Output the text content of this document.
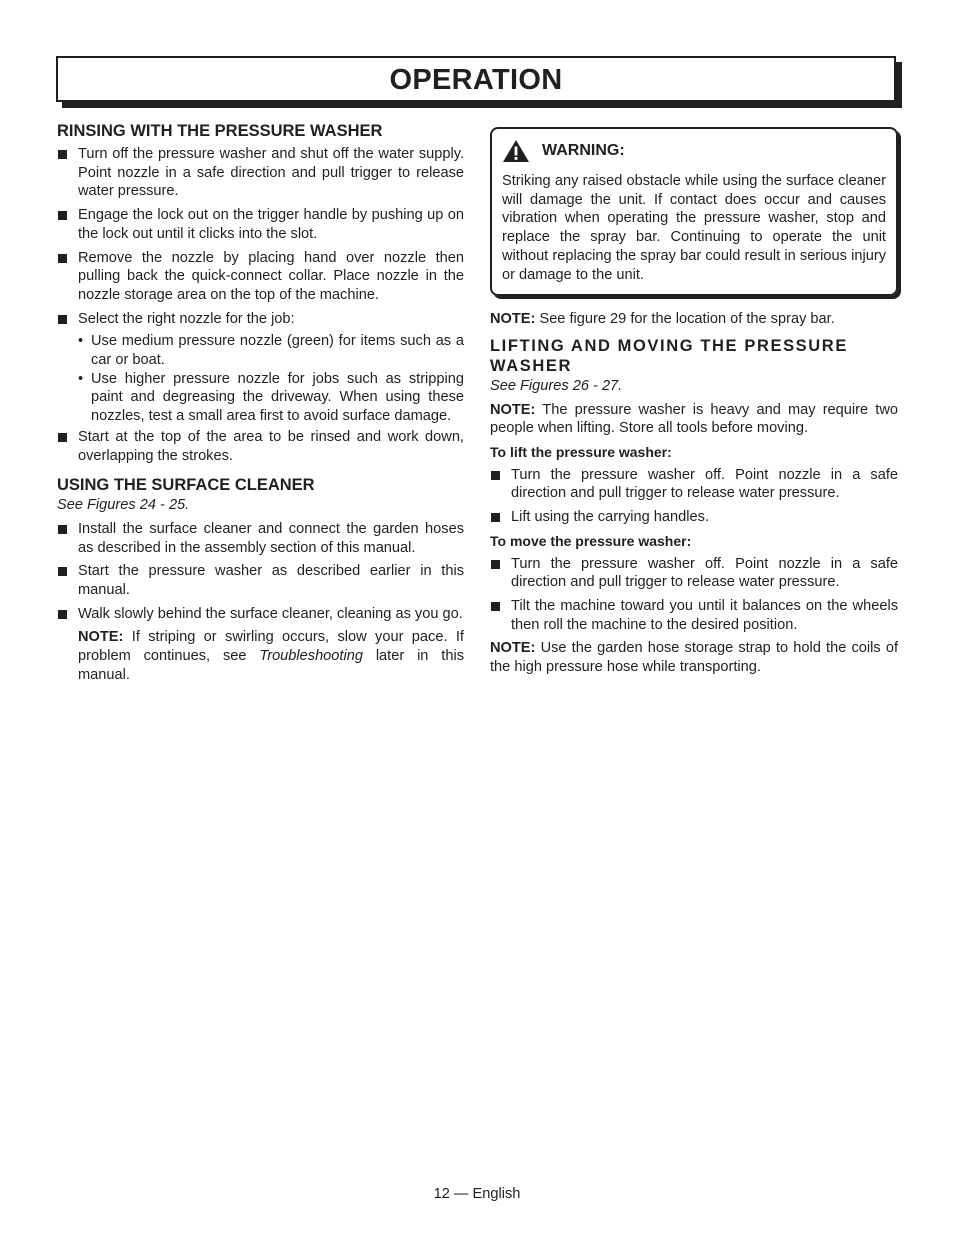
OPERATION
RINSING WITH THE PRESSURE WASHER
Turn off the pressure washer and shut off the water supply. Point nozzle in a safe direction and pull trigger to release water pressure.
Engage the lock out on the trigger handle by pushing up on the lock out until it clicks into the slot.
Remove the nozzle by placing hand over nozzle then pulling back the quick-connect collar. Place nozzle in the nozzle storage area on the top of the machine.
Select the right nozzle for the job:
• Use medium pressure nozzle (green) for items such as a car or boat.
• Use higher pressure nozzle for jobs such as stripping paint and degreasing the driveway. When using these nozzles, test a small area first to avoid surface damage.
Start at the top of the area to be rinsed and work down, overlapping the strokes.
USING THE SURFACE CLEANER

See Figures 24 - 25.

Install the surface cleaner and connect the garden hoses as described in the assembly section of this manual.
Start the pressure washer as described earlier in this manual.
Walk slowly behind the surface cleaner, cleaning as you go.

NOTE: If striping or swirling occurs, slow your pace. If problem continues, see Troubleshooting later in this manual.

WARNING:

Striking any raised obstacle while using the surface cleaner will damage the unit. If contact does occur and causes vibration when operating the pressure washer, stop and replace the spray bar. Continuing to operate the unit without replacing the spray bar could result in serious injury or damage to the unit.

NOTE: See figure 29 for the location of the spray bar.

LIFTING AND MOVING THE PRESSURE WASHER

See Figures 26 - 27.

NOTE: The pressure washer is heavy and may require two people when lifting. Store all tools before moving.

To lift the pressure washer:

Turn the pressure washer off. Point nozzle in a safe direction and pull trigger to release water pressure.
Lift using the carrying handles.

To move the pressure washer:

Turn the pressure washer off. Point nozzle in a safe direction and pull trigger to release water pressure.
Tilt the machine toward you until it balances on the wheels then roll the machine to the desired position.

NOTE: Use the garden hose storage strap to hold the coils of the high pressure hose while transporting.

12 — English
